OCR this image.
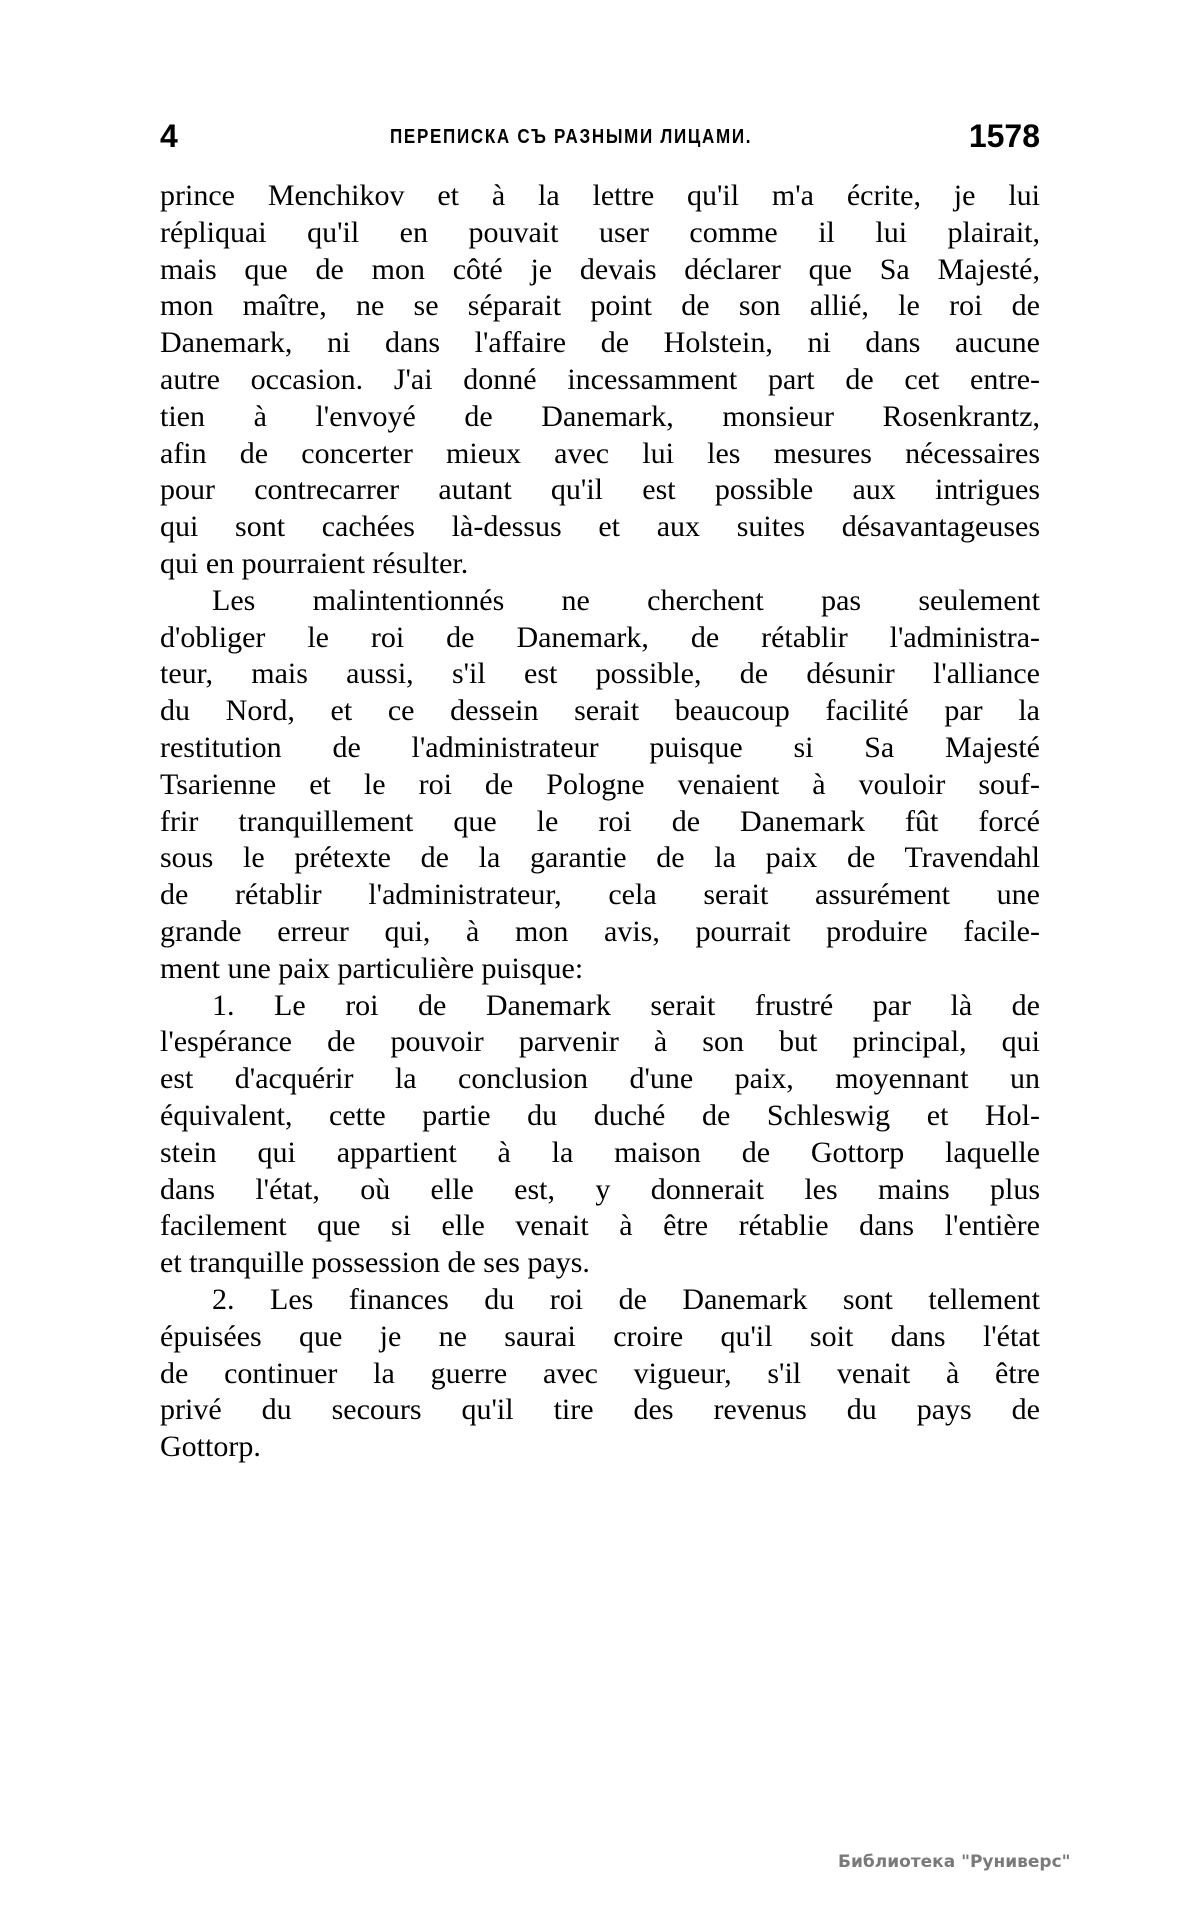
4	ПЕРЕПИСКА СЪ РАЗНЫМИ ЛИЦАМИ.	1578
prince Menchikov et à la lettre qu'il m'a écrite, je lui
répliquai qu'il en pouvait user comme il lui plairait,
mais que de mon côté je devais déclarer que Sa Majesté,
mon maître, ne se séparait point de son allié, le roi de
Danemark, ni dans l'affaire de Holstein, ni dans aucune
autre occasion. J'ai donné incessamment part de cet entre-
tien à l'envoyé de Danemark, monsieur Rosenkrantz,
afin de concerter mieux avec lui les mesures nécessaires
pour contrecarrer autant qu'il est possible aux intrigues
qui sont cachées là-dessus et aux suites désavantageuses
qui en pourraient résulter.
Les malintentionnés ne cherchent pas seulement
d'obliger le roi de Danemark, de rétablir l'administra-
teur, mais aussi, s'il est possible, de désunir l'alliance
du Nord, et ce dessein serait beaucoup facilité par la
restitution de l'administrateur puisque si Sa Majesté
Tsarienne et le roi de Pologne venaient à vouloir souf-
frir tranquillement que le roi de Danemark fût forcé
sous le prétexte de la garantie de la paix de Travendahl
de rétablir l'administrateur, cela serait assurément une
grande erreur qui, à mon avis, pourrait produire facile-
ment une paix particulière puisque:
1. Le roi de Danemark serait frustré par là de
l'espérance de pouvoir parvenir à son but principal, qui
est d'acquérir la conclusion d'une paix, moyennant un
équivalent, cette partie du duché de Schleswig et Hol-
stein qui appartient à la maison de Gottorp laquelle
dans l'état, où elle est, y donnerait les mains plus
facilement que si elle venait à être rétablie dans l'entière
et tranquille possession de ses pays.
2. Les finances du roi de Danemark sont tellement
épuisées que je ne saurai croire qu'il soit dans l'état
de continuer la guerre avec vigueur, s'il venait à être
privé du secours qu'il tire des revenus du pays de
Gottorp.
Библиотека "Руниверс"
